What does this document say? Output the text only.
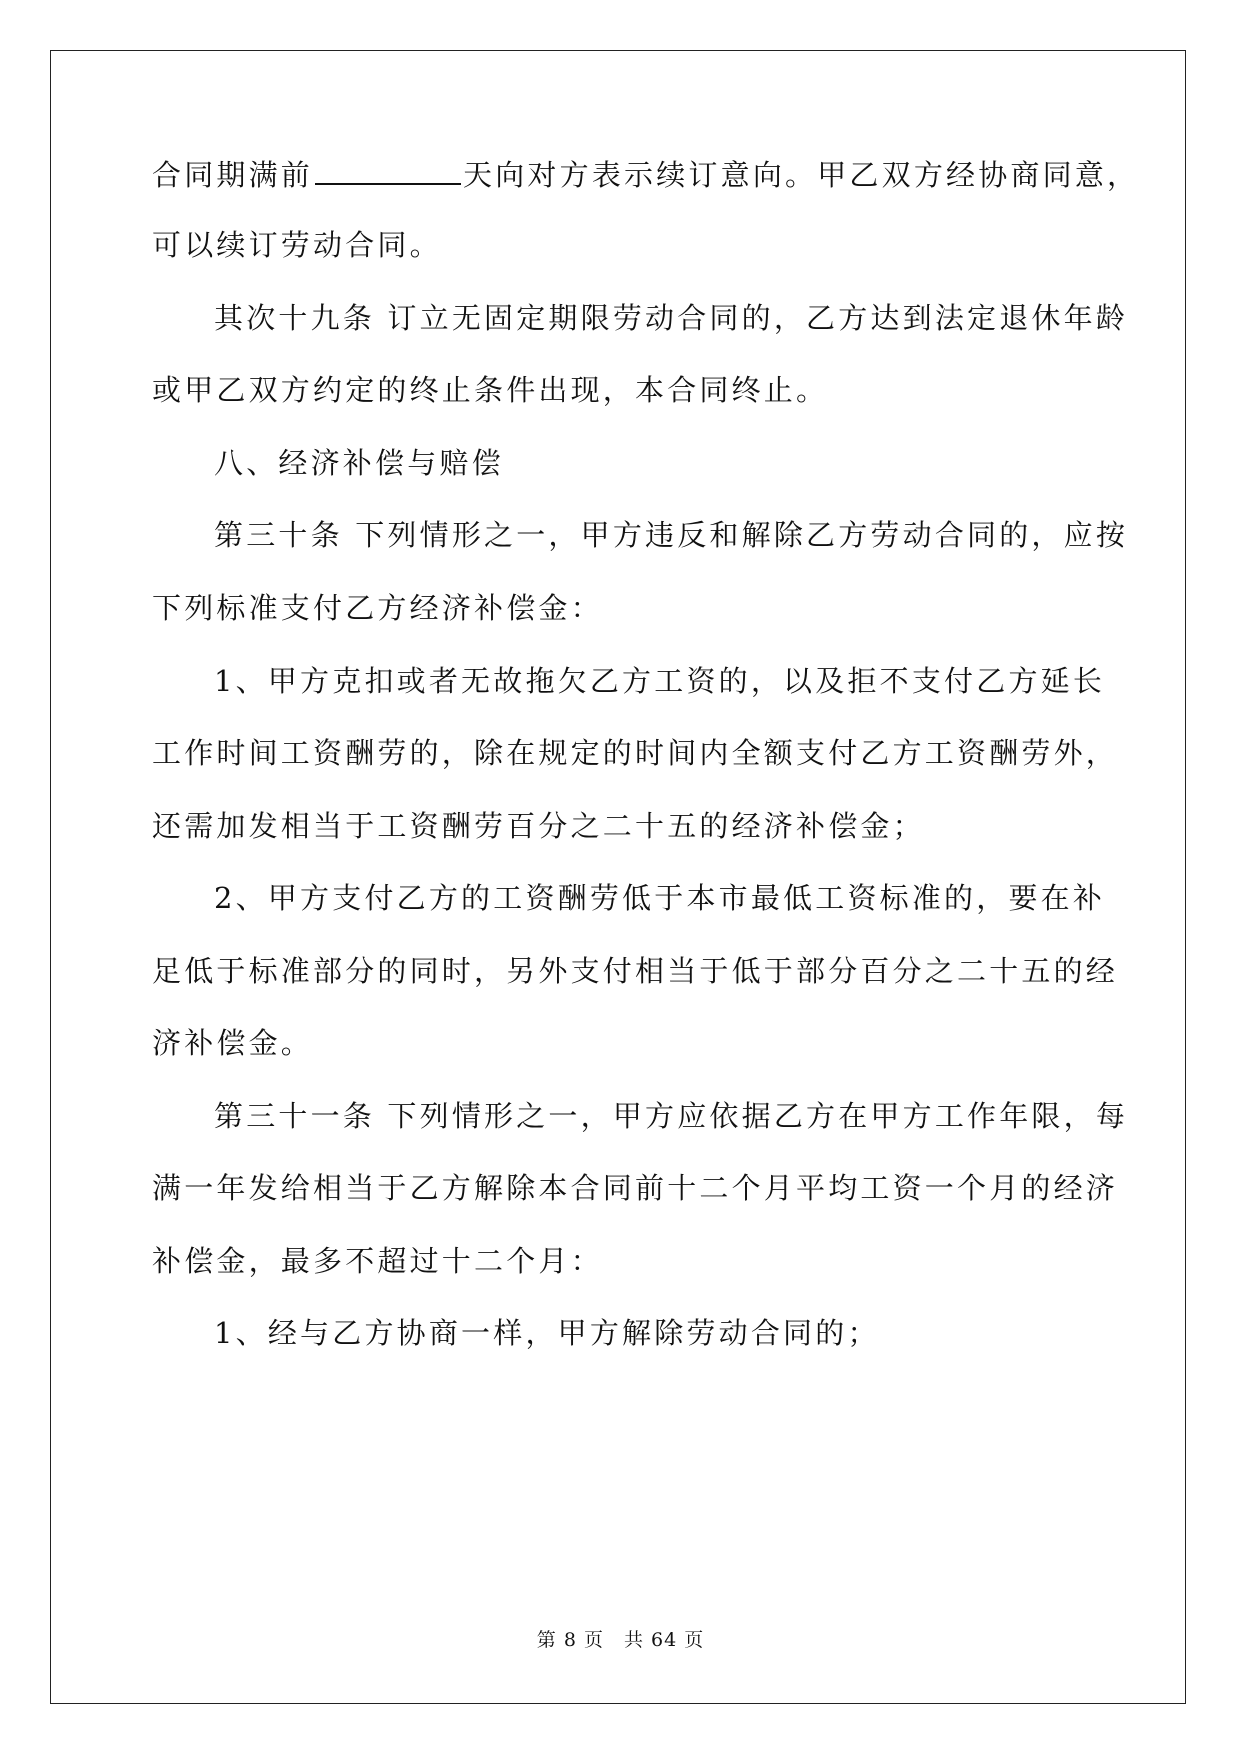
合同期满前	天向对方表示续订意向。甲乙双方经协商同意，
可以续订劳动合同。
其次十九条 订立无固定期限劳动合同的，乙方达到法定退休年龄
或甲乙双方约定的终止条件出现，本合同终止。
八、经济补偿与赔偿
第三十条 下列情形之一，甲方违反和解除乙方劳动合同的，应按
下列标准支付乙方经济补偿金：
1、甲方克扣或者无故拖欠乙方工资的，以及拒不支付乙方延长
工作时间工资酬劳的，除在规定的时间内全额支付乙方工资酬劳外，
还需加发相当于工资酬劳百分之二十五的经济补偿金；
2、甲方支付乙方的工资酬劳低于本市最低工资标准的，要在补
足低于标准部分的同时，另外支付相当于低于部分百分之二十五的经
济补偿金。
第三十一条 下列情形之一，甲方应依据乙方在甲方工作年限，每
满一年发给相当于乙方解除本合同前十二个月平均工资一个月的经济
补偿金，最多不超过十二个月：
1、经与乙方协商一样，甲方解除劳动合同的；
第 8 页　共 64 页
